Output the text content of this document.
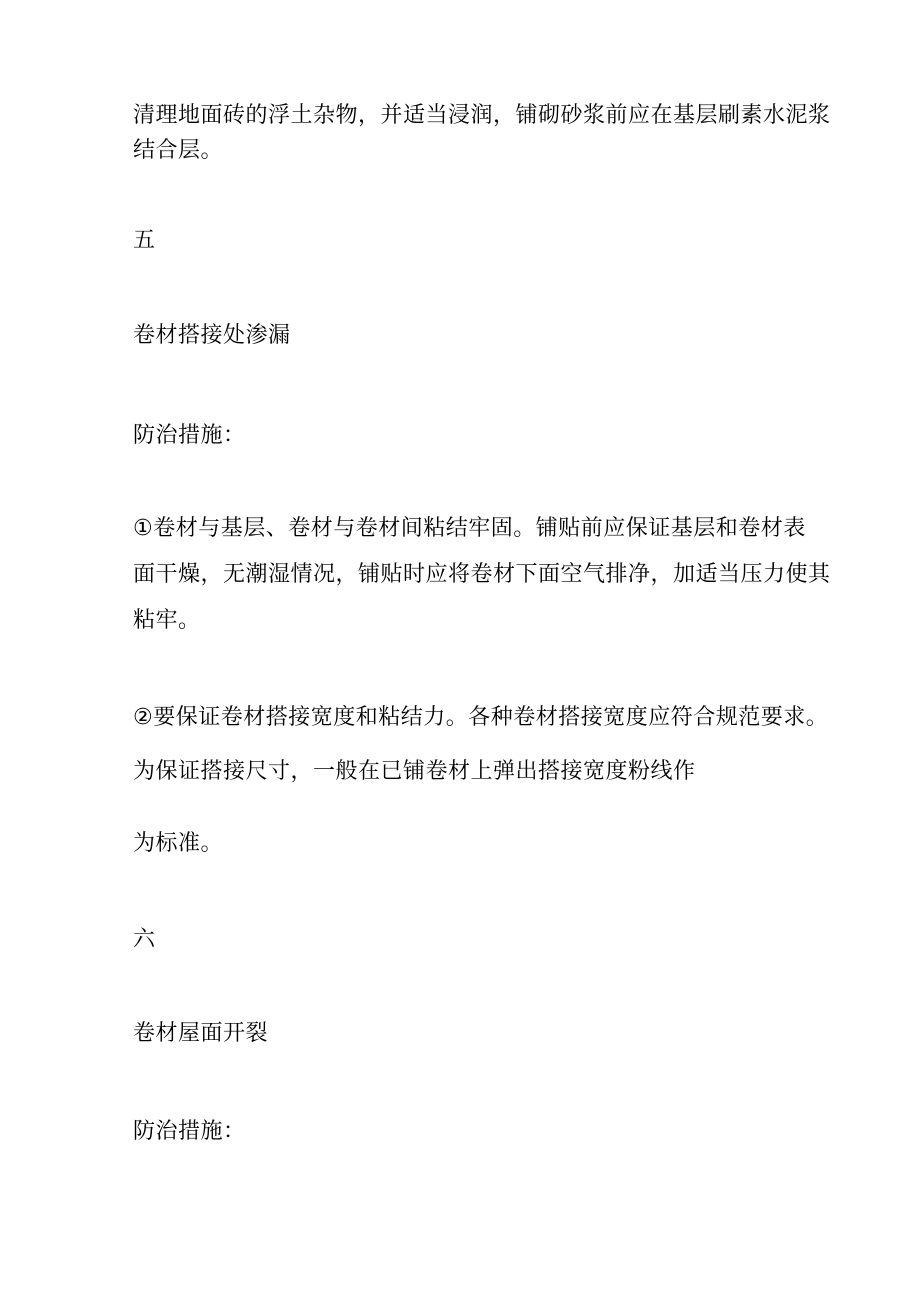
清理地面砖的浮土杂物，并适当浸润，铺砌砂浆前应在基层刷素水泥浆
结合层。
五
卷材搭接处渗漏
防治措施：
①卷材与基层、卷材与卷材间粘结牢固。铺贴前应保证基层和卷材表
面干燥，无潮湿情况，铺贴时应将卷材下面空气排净，加适当压力使其
粘牢。
②要保证卷材搭接宽度和粘结力。各种卷材搭接宽度应符合规范要求。
为保证搭接尺寸，一般在已铺卷材上弹出搭接宽度粉线作
为标准。
六
卷材屋面开裂
防治措施：
